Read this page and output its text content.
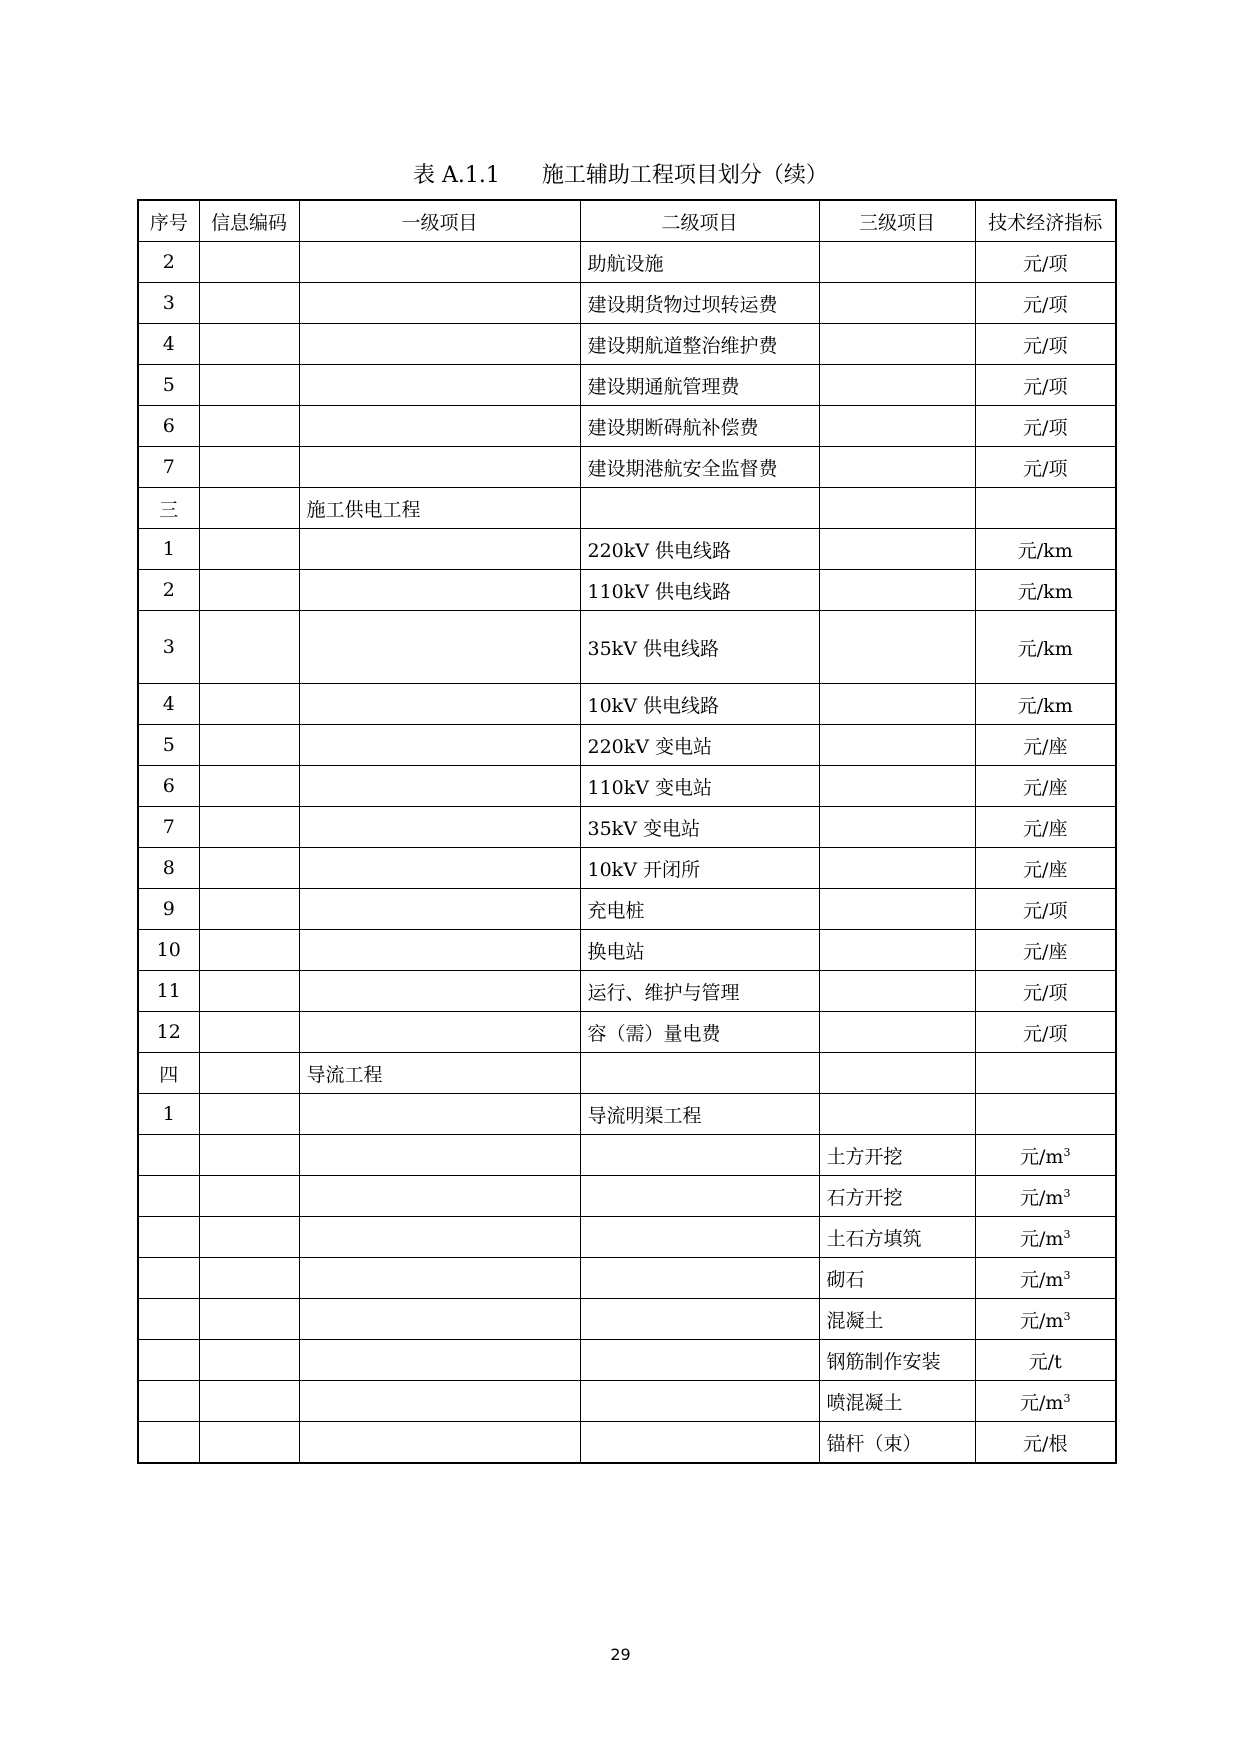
表 A.1.1 施工辅助工程项目划分（续）
序号	信息编码	一级项目	二级项目	三级项目	技术经济指标
2			助航设施		元/项
3			建设期货物过坝转运费		元/项
4			建设期航道整治维护费		元/项
5			建设期通航管理费		元/项
6			建设期断碍航补偿费		元/项
7			建设期港航安全监督费		元/项
三		施工供电工程			
1			220kV 供电线路		元/km
2			110kV 供电线路		元/km
3			35kV 供电线路		元/km
4			10kV 供电线路		元/km
5			220kV 变电站		元/座
6			110kV 变电站		元/座
7			35kV 变电站		元/座
8			10kV 开闭所		元/座
9			充电桩		元/项
10			换电站		元/座
11			运行、维护与管理		元/项
12			容（需）量电费		元/项
四		导流工程			
1			导流明渠工程		
				土方开挖	元$/m^3$
				石方开挖	元$/m^3$
				土石方填筑	元$/m^3$
				砌石	元$/m^3$
				混凝土	元$/m^3$
				钢筋制作安装	元/t
				喷混凝土	元$/m^3$
				锚杆（束）	元/根
29
